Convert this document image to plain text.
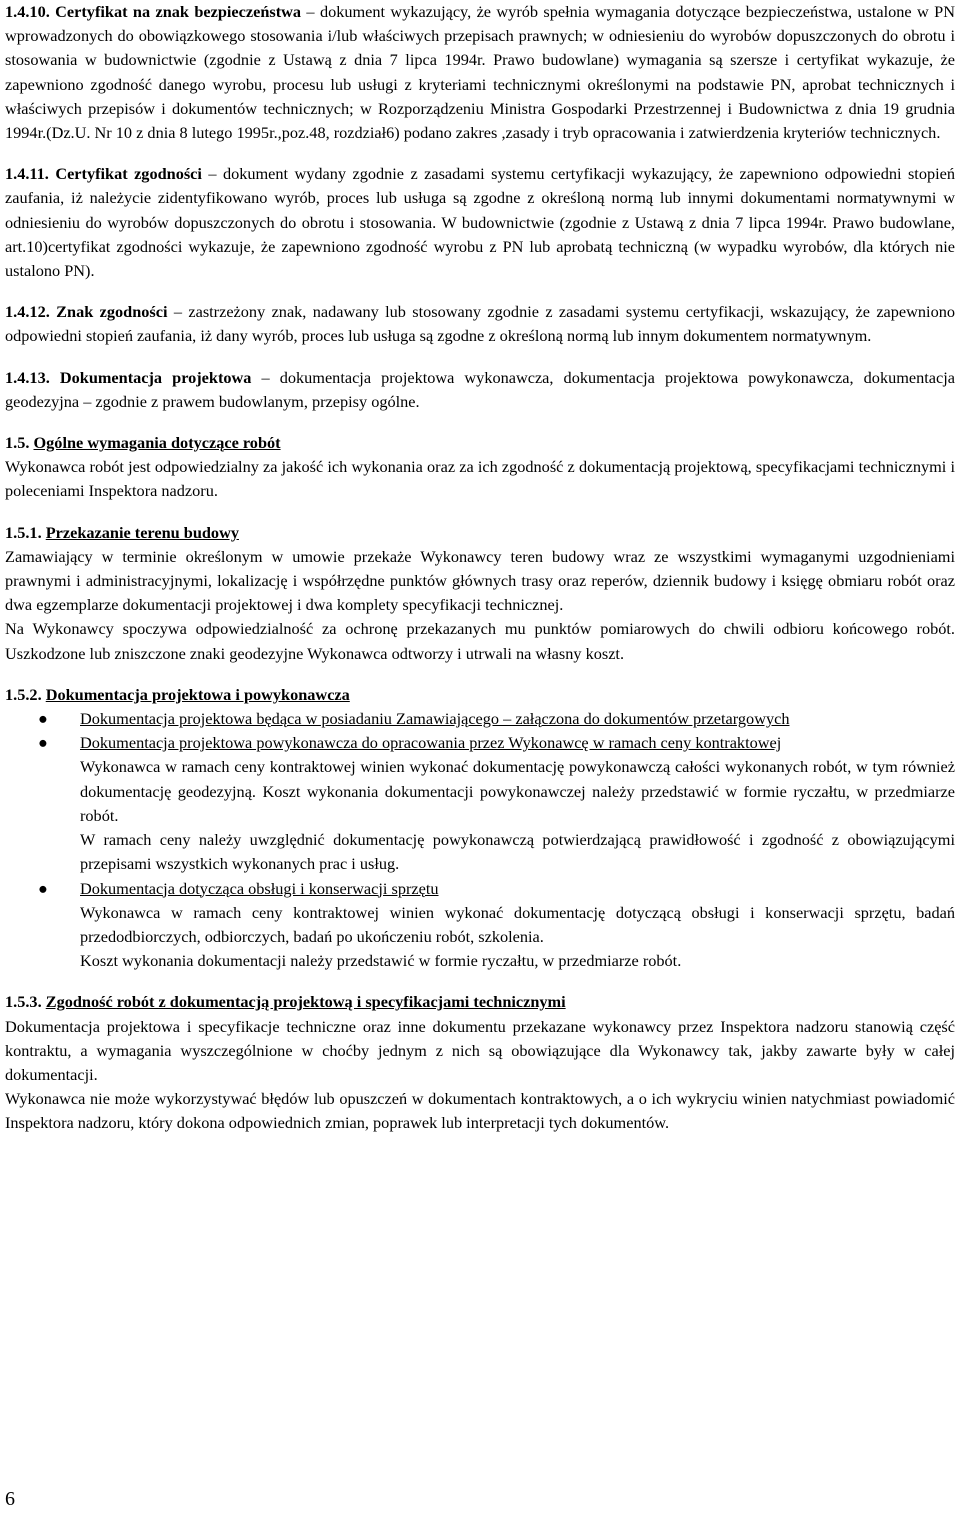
1.4.10. Certyfikat na znak bezpieczeństwa – dokument wykazujący, że wyrób spełnia wymagania dotyczące bezpieczeństwa, ustalone w PN wprowadzonych do obowiązkowego stosowania i/lub właściwych przepisach prawnych; w odniesieniu do wyrobów dopuszczonych do obrotu i stosowania w budownictwie (zgodnie z Ustawą z dnia 7 lipca 1994r. Prawo budowlane) wymagania są szersze i certyfikat wykazuje, że zapewniono zgodność danego wyrobu, procesu lub usługi z kryteriami technicznymi określonymi na podstawie PN, aprobat technicznych i właściwych przepisów i dokumentów technicznych; w Rozporządzeniu Ministra Gospodarki Przestrzennej i Budownictwa z dnia 19 grudnia 1994r.(Dz.U. Nr 10 z dnia 8 lutego 1995r.,poz.48, rozdział6) podano zakres ,zasady i tryb opracowania i zatwierdzenia kryteriów technicznych.

1.4.11. Certyfikat zgodności – dokument wydany zgodnie z zasadami systemu certyfikacji wykazujący, że zapewniono odpowiedni stopień zaufania, iż należycie zidentyfikowano wyrób, proces lub usługa są zgodne z określoną normą lub innymi dokumentami normatywnymi w odniesieniu do wyrobów dopuszczonych do obrotu i stosowania. W budownictwie (zgodnie z Ustawą z dnia 7 lipca 1994r. Prawo budowlane, art.10)certyfikat zgodności wykazuje, że zapewniono zgodność wyrobu z PN lub aprobatą techniczną (w wypadku wyrobów, dla których nie ustalono PN).

1.4.12. Znak zgodności – zastrzeżony znak, nadawany lub stosowany zgodnie z zasadami systemu certyfikacji, wskazujący, że zapewniono odpowiedni stopień zaufania, iż dany wyrób, proces lub usługa są zgodne z określoną normą lub innym dokumentem normatywnym.

1.4.13. Dokumentacja projektowa – dokumentacja projektowa wykonawcza, dokumentacja projektowa powykonawcza, dokumentacja geodezyjna – zgodnie z prawem budowlanym, przepisy ogólne.

1.5. Ogólne wymagania dotyczące robót

Wykonawca robót jest odpowiedzialny za jakość ich wykonania oraz za ich zgodność z dokumentacją projektową, specyfikacjami technicznymi i poleceniami Inspektora nadzoru.

1.5.1. Przekazanie terenu budowy

Zamawiający w terminie określonym w umowie przekaże Wykonawcy teren budowy wraz ze wszystkimi wymaganymi uzgodnieniami prawnymi i administracyjnymi, lokalizację i współrzędne punktów głównych trasy oraz reperów, dziennik budowy i księgę obmiaru robót oraz dwa egzemplarze dokumentacji projektowej i dwa komplety specyfikacji technicznej.

Na Wykonawcy spoczywa odpowiedzialność za ochronę przekazanych mu punktów pomiarowych do chwili odbioru końcowego robót. Uszkodzone lub zniszczone znaki geodezyjne Wykonawca odtworzy i utrwali na własny koszt.

1.5.2. Dokumentacja projektowa i powykonawcza

● Dokumentacja projektowa będąca w posiadaniu Zamawiającego – załączona do dokumentów przetargowych

● Dokumentacja projektowa powykonawcza do opracowania przez Wykonawcę w ramach ceny kontraktowej

Wykonawca w ramach ceny kontraktowej winien wykonać dokumentację powykonawczą całości wykonanych robót, w tym również dokumentację geodezyjną. Koszt wykonania dokumentacji powykonawczej należy przedstawić w formie ryczałtu, w przedmiarze robót.

W ramach ceny należy uwzględnić dokumentację powykonawczą potwierdzającą prawidłowość i zgodność z obowiązującymi przepisami wszystkich wykonanych prac i usług.

● Dokumentacja dotycząca obsługi i konserwacji sprzętu

Wykonawca w ramach ceny kontraktowej winien wykonać dokumentację dotyczącą obsługi i konserwacji sprzętu, badań przedodbiorczych, odbiorczych, badań po ukończeniu robót, szkolenia.

Koszt wykonania dokumentacji należy przedstawić w formie ryczałtu, w przedmiarze robót.

1.5.3. Zgodność robót z dokumentacją projektową i specyfikacjami technicznymi

Dokumentacja projektowa i specyfikacje techniczne oraz inne dokumentu przekazane wykonawcy przez Inspektora nadzoru stanowią część kontraktu, a wymagania wyszczególnione w choćby jednym z nich są obowiązujące dla Wykonawcy tak, jakby zawarte były w całej dokumentacji.

Wykonawca nie może wykorzystywać błędów lub opuszczeń w dokumentach kontraktowych, a o ich wykryciu winien natychmiast powiadomić Inspektora nadzoru, który dokona odpowiednich zmian, poprawek lub interpretacji tych dokumentów.

6
